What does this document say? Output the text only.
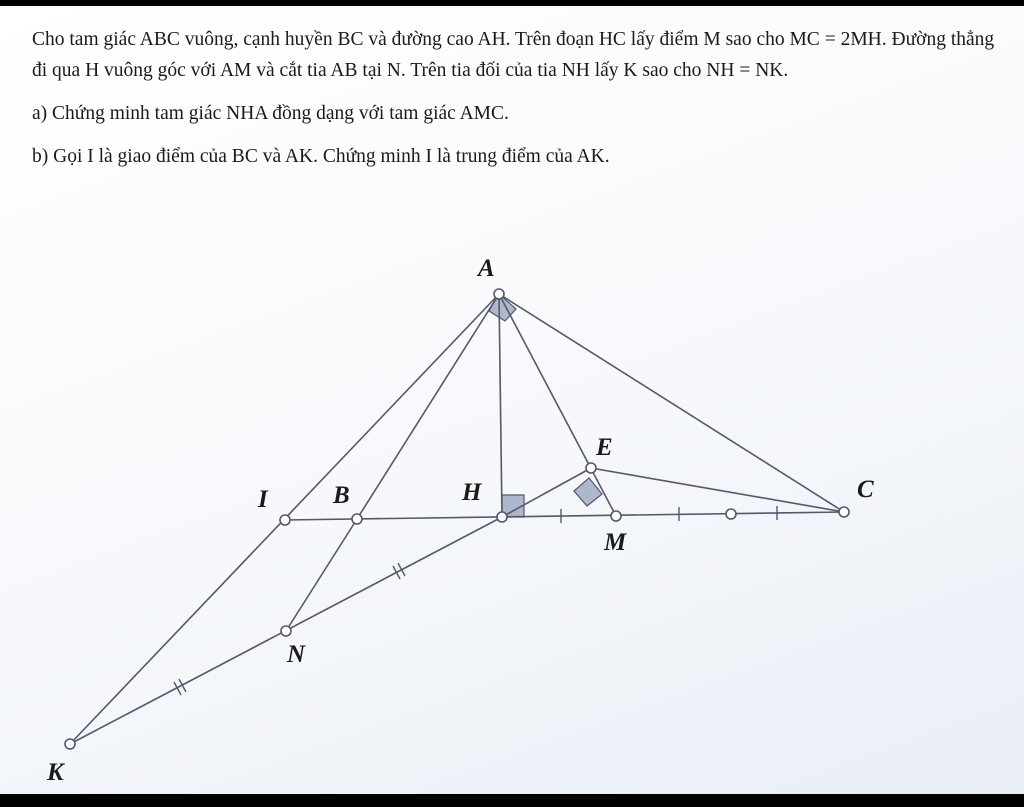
Cho tam giác ABC vuông, cạnh huyền BC và đường cao AH. Trên đoạn HC lấy điểm M sao cho MC = 2MH. Đường thẳng đi qua H vuông góc với AM và cắt tia AB tại N. Trên tia đối của tia NH lấy K sao cho NH = NK.

a) Chứng minh tam giác NHA đồng dạng với tam giác AMC.

b) Gọi I là giao điểm của BC và AK. Chứng minh I là trung điểm của AK.

A
B	C
H
M
E
I
N
K
